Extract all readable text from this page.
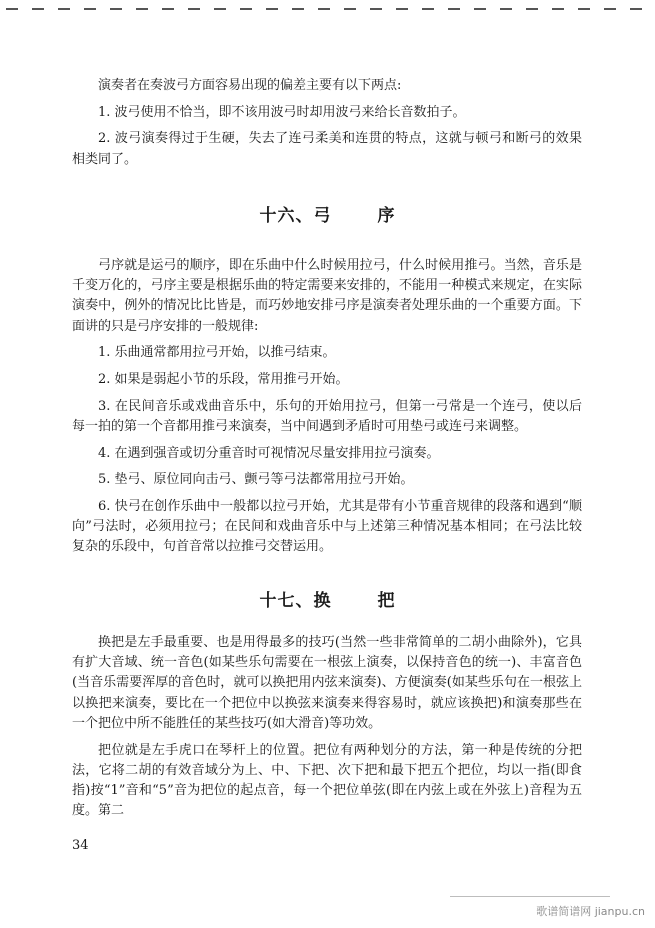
演奏者在奏波弓方面容易出现的偏差主要有以下两点:

1. 波弓使用不恰当，即不该用波弓时却用波弓来给长音数拍子。

2. 波弓演奏得过于生硬，失去了连弓柔美和连贯的特点，这就与顿弓和断弓的效果相类同了。

十六、弓	序

弓序就是运弓的顺序，即在乐曲中什么时候用拉弓，什么时候用推弓。当然，音乐是千变万化的，弓序主要是根据乐曲的特定需要来安排的，不能用一种模式来规定，在实际演奏中，例外的情况比比皆是，而巧妙地安排弓序是演奏者处理乐曲的一个重要方面。下面讲的只是弓序安排的一般规律:

1. 乐曲通常都用拉弓开始，以推弓结束。

2. 如果是弱起小节的乐段，常用推弓开始。

3. 在民间音乐或戏曲音乐中，乐句的开始用拉弓，但第一弓常是一个连弓，使以后每一拍的第一个音都用推弓来演奏，当中间遇到矛盾时可用垫弓或连弓来调整。

4. 在遇到强音或切分重音时可视情况尽量安排用拉弓演奏。

5. 垫弓、原位同向击弓、颤弓等弓法都常用拉弓开始。

6. 快弓在创作乐曲中一般都以拉弓开始，尤其是带有小节重音规律的段落和遇到“顺向”弓法时，必须用拉弓；在民间和戏曲音乐中与上述第三种情况基本相同；在弓法比较复杂的乐段中，句首音常以拉推弓交替运用。

十七、换	把

换把是左手最重要、也是用得最多的技巧(当然一些非常简单的二胡小曲除外)，它具有扩大音域、统一音色(如某些乐句需要在一根弦上演奏，以保持音色的统一)、丰富音色(当音乐需要浑厚的音色时，就可以换把用内弦来演奏)、方便演奏(如某些乐句在一根弦上以换把来演奏，要比在一个把位中以换弦来演奏来得容易时，就应该换把)和演奏那些在一个把位中所不能胜任的某些技巧(如大滑音)等功效。

把位就是左手虎口在琴杆上的位置。把位有两种划分的方法，第一种是传统的分把法，它将二胡的有效音域分为上、中、下把、次下把和最下把五个把位，均以一指(即食指)按“1”音和“5”音为把位的起点音，每一个把位单弦(即在内弦上或在外弦上)音程为五度。第二

34
歌谱简谱网 jianpu.cn
